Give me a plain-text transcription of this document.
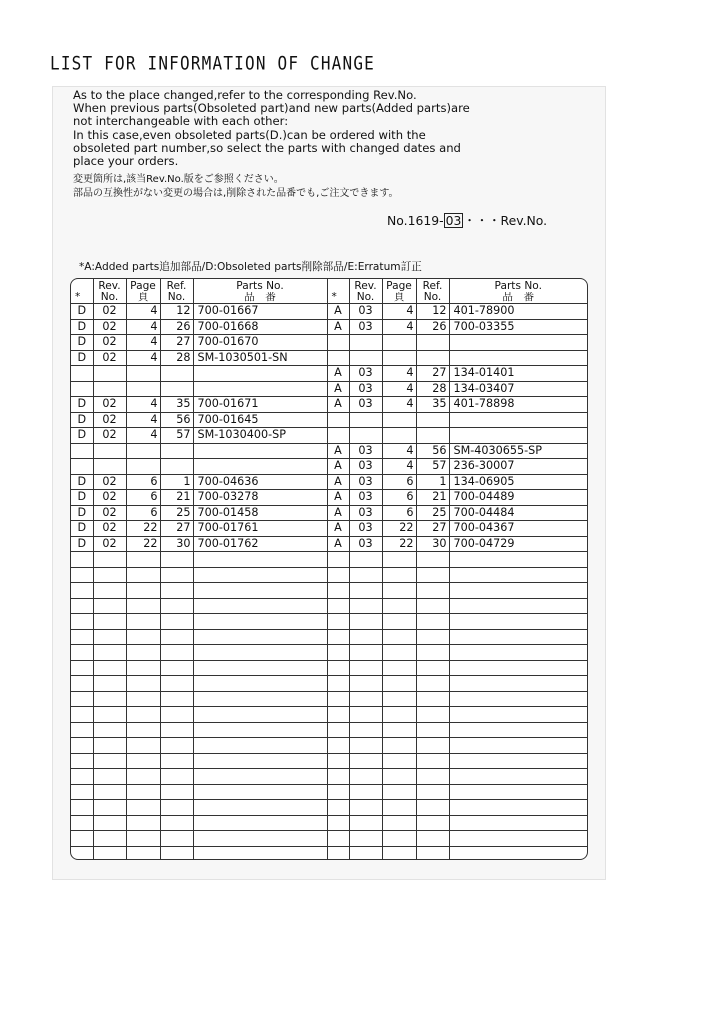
LIST FOR INFORMATION OF CHANGE

As to the place changed,refer to the corresponding Rev.No.

When previous parts(Obsoleted part)and new parts(Added parts)are

not interchangeable with each other:

In this case,even obsoleted parts(D.)can be ordered with the

obsoleted part number,so select the parts with changed dates and

place your orders.

変更箇所は,該当Rev.No.版をご参照ください。

部品の互換性がない変更の場合は,削除された品番でも,ご注文できます。

No.1619- 03 ・・・Rev.No.
*A:Added parts追加部品/D:Obsoleted parts削除部品/E:Erratum訂正
	Rev.	Page	Ref.	Parts No.		Rev.	Page	Ref.	Parts No.
*	No.	頁	No.	品　番	*	No.	頁	No.	品　番
D	02	4	12	700-01667	A	03	4	12	401-78900
D	02	4	26	700-01668	A	03	4	26	700-03355
D	02	4	27	700-01670					
D	02	4	28	SM-1030501-SN					
					A	03	4	27	134-01401
					A	03	4	28	134-03407
D	02	4	35	700-01671	A	03	4	35	401-78898
D	02	4	56	700-01645					
D	02	4	57	SM-1030400-SP					
					A	03	4	56	SM-4030655-SP
					A	03	4	57	236-30007
D	02	6	1	700-04636	A	03	6	1	134-06905
D	02	6	21	700-03278	A	03	6	21	700-04489
D	02	6	25	700-01458	A	03	6	25	700-04484
D	02	22	27	700-01761	A	03	22	27	700-04367
D	02	22	30	700-01762	A	03	22	30	700-04729
